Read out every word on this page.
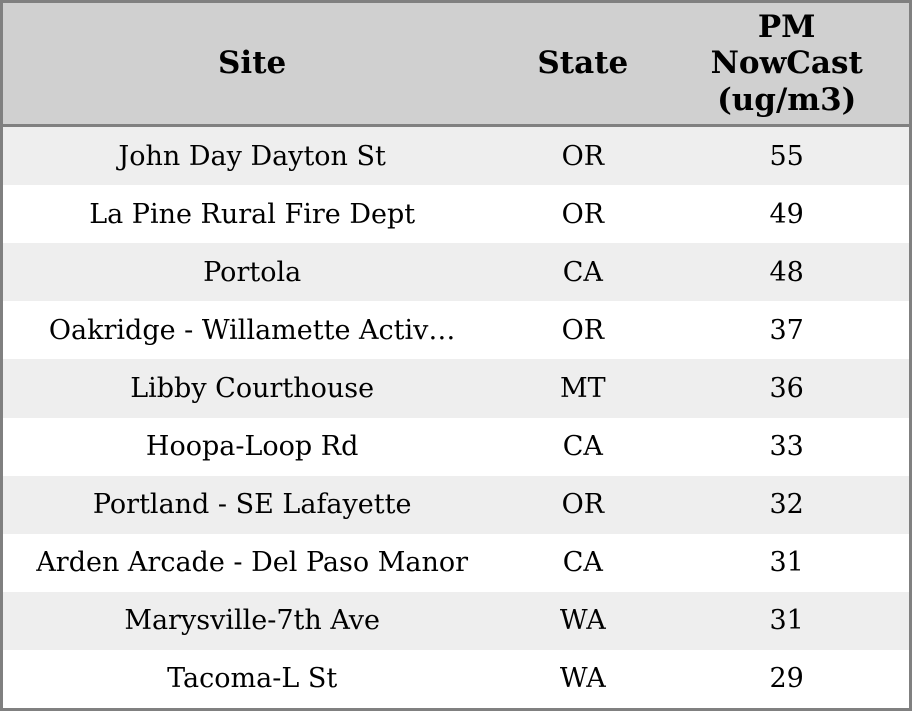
Site	State	PM NowCast (ug/m3)
John Day Dayton St	OR	55
La Pine Rural Fire Dept	OR	49
Portola	CA	48
Oakridge - Willamette Activ…	OR	37
Libby Courthouse	MT	36
Hoopa-Loop Rd	CA	33
Portland - SE Lafayette	OR	32
Arden Arcade - Del Paso Manor	CA	31
Marysville-7th Ave	WA	31
Tacoma-L St	WA	29
